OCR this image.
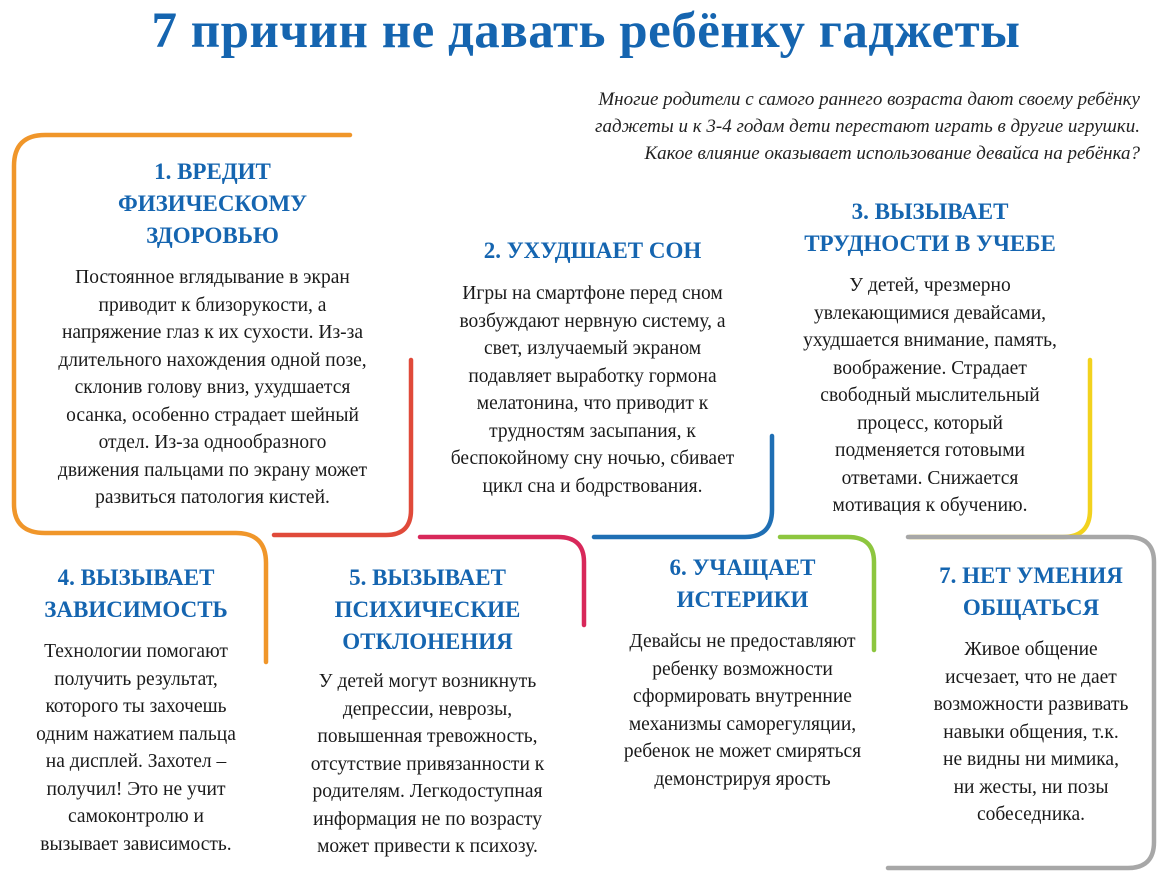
7 причин не давать ребёнку гаджеты
Многие родители с самого раннего возраста дают своему ребёнку
гаджеты и к 3-4 годам дети перестают играть в другие игрушки.
Какое влияние оказывает использование девайса на ребёнка?
1. ВРЕДИТ
ФИЗИЧЕСКОМУ
ЗДОРОВЬЮ
Постоянное вглядывание в экран
приводит к близорукости, а
напряжение глаз к их сухости. Из-за
длительного нахождения одной позе,
склонив голову вниз, ухудшается
осанка, особенно страдает шейный
отдел. Из-за однообразного
движения пальцами по экрану может
развиться патология кистей.
2. УХУДШАЕТ СОН
Игры на смартфоне перед сном
возбуждают нервную систему, а
свет, излучаемый экраном
подавляет выработку гормона
мелатонина, что приводит к
трудностям засыпания, к
беспокойному сну ночью, сбивает
цикл сна и бодрствования.
3. ВЫЗЫВАЕТ
ТРУДНОСТИ В УЧЕБЕ
У детей, чрезмерно
увлекающимися девайсами,
ухудшается внимание, память,
воображение. Страдает
свободный мыслительный
процесс, который
подменяется готовыми
ответами. Снижается
мотивация к обучению.
4. ВЫЗЫВАЕТ
ЗАВИСИМОСТЬ
Технологии помогают
получить результат,
которого ты захочешь
одним нажатием пальца
на дисплей. Захотел –
получил! Это не учит
самоконтролю и
вызывает зависимость.
5. ВЫЗЫВАЕТ
ПСИХИЧЕСКИЕ
ОТКЛОНЕНИЯ
У детей могут возникнуть
депрессии, неврозы,
повышенная тревожность,
отсутствие привязанности к
родителям. Легкодоступная
информация не по возрасту
может привести к психозу.
6. УЧАЩАЕТ
ИСТЕРИКИ
Девайсы не предоставляют
ребенку возможности
сформировать внутренние
механизмы саморегуляции,
ребенок не может смиряться
демонстрируя ярость
7. НЕТ УМЕНИЯ
ОБЩАТЬСЯ
Живое общение
исчезает, что не дает
возможности развивать
навыки общения, т.к.
не видны ни мимика,
ни жесты, ни позы
собеседника.
